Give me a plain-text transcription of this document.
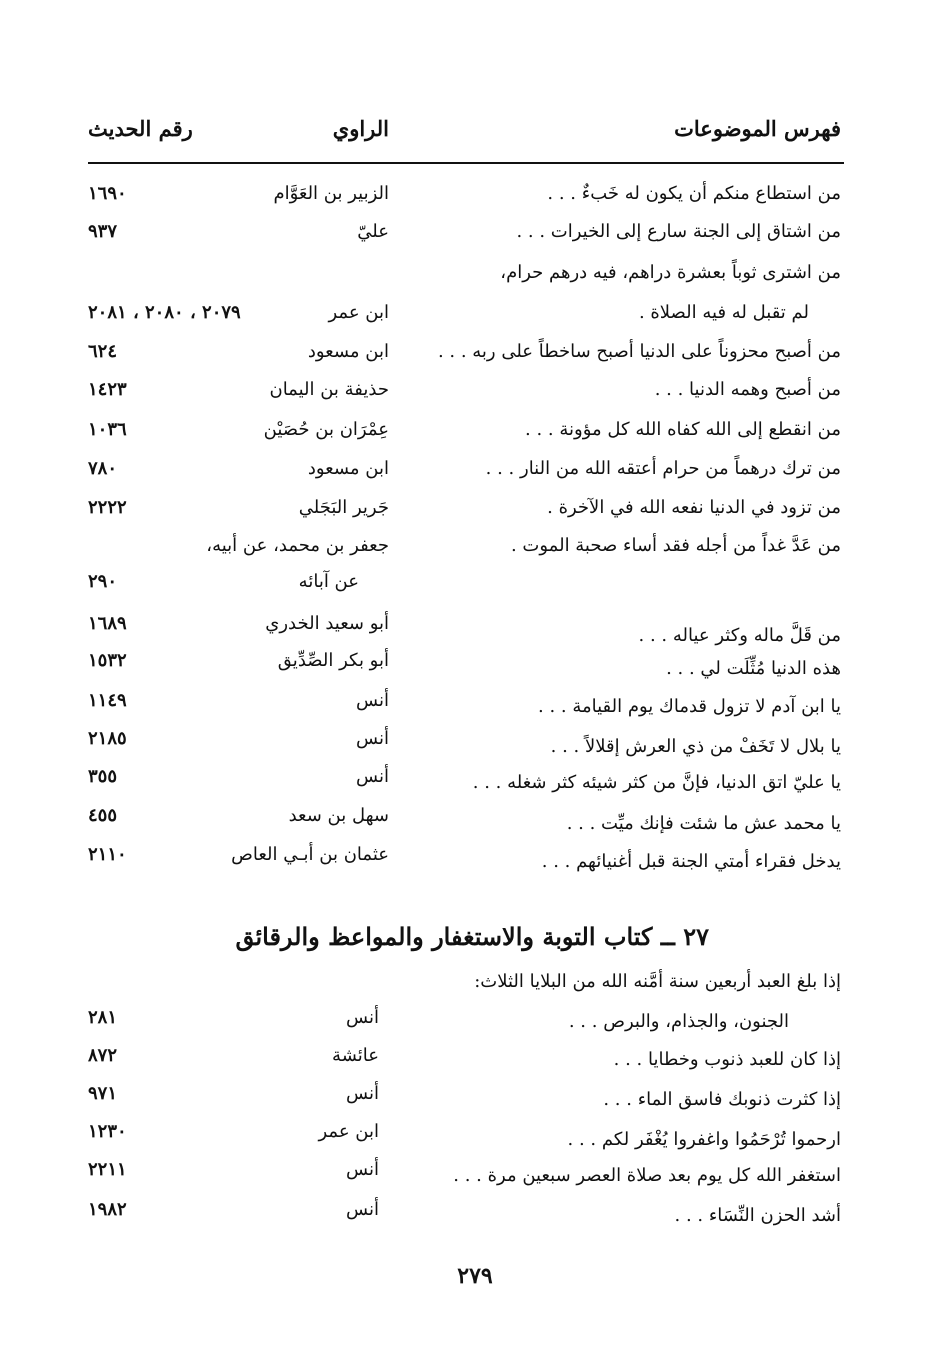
فهرس الموضوعات
الراوي
رقم الحديث
من استطاع منكم أن يكون له خَبءٌ . . .
الزبير بن العَوَّام
١٦٩٠
من اشتاق إلى الجنة سارع إلى الخيرات . . .
عليّ
٩٣٧
من اشترى ثوباً بعشرة دراهم، فيه درهم حرام،
لم تقبل له فيه الصلاة .
ابن عمر
٢٠٧٩ ، ٢٠٨٠ ، ٢٠٨١
من أصبح محزوناً على الدنيا أصبح ساخطاً على ربه . . .
ابن مسعود
٦٢٤
من أصبح وهمه الدنيا . . .
حذيفة بن اليمان
١٤٢٣
من انقطع إلى الله كفاه الله كل مؤونة . . .
عِمْرَان بن حُصَيْن
١٠٣٦
من ترك درهماً من حرام أعتقه الله من النار . . .
ابن مسعود
٧٨٠
من تزود في الدنيا نفعه الله في الآخرة .
جَرير البَجَلي
٢٢٢٢
من عَدَّ غداً من أجله فقد أساء صحبة الموت .
جعفر بن محمد، عن أبيه،
عن آبائه
٢٩٠
من قَلَّ ماله وكثر عياله . . .
أبو سعيد الخدري
١٦٨٩
هذه الدنيا مُثِّلَت لي . . .
أبو بكر الصِّدِّيق
١٥٣٢
يا ابن آدم لا تزول قدماك يوم القيامة . . .
أنس
١١٤٩
يا بلال لا تَخَفْ من ذي العرش إقلالاً . . .
أنس
٢١٨٥
يا عليّ اتق الدنيا، فإنَّ من كثر شيئه كثر شغله . . .
أنس
٣٥٥
يا محمد عش ما شئت فإنك ميِّت . . .
سهل بن سعد
٤٥٥
يدخل فقراء أمتي الجنة قبل أغنيائهم . . .
عثمان بن أبـي العاص
٢١١٠
٢٧ ــ كتاب التوبة والاستغفار والمواعظ والرقائق
إذا بلغ العبد أربعين سنة أمَّنه الله من البلايا الثلاث:
الجنون، والجذام، والبرص . . .
أنس
٢٨١
إذا كان للعبد ذنوب وخطايا . . .
عائشة
٨٧٢
إذا كثرت ذنوبك فاسق الماء . . .
أنس
٩٧١
ارحموا تُرْحَمُوا واغفروا يُغْفَر لكم . . .
ابن عمر
١٢٣٠
استغفر الله كل يوم بعد صلاة العصر سبعين مرة . . .
أنس
٢٢١١
أشد الحزن النِّسَاء . . .
أنس
١٩٨٢
٢٧٩
